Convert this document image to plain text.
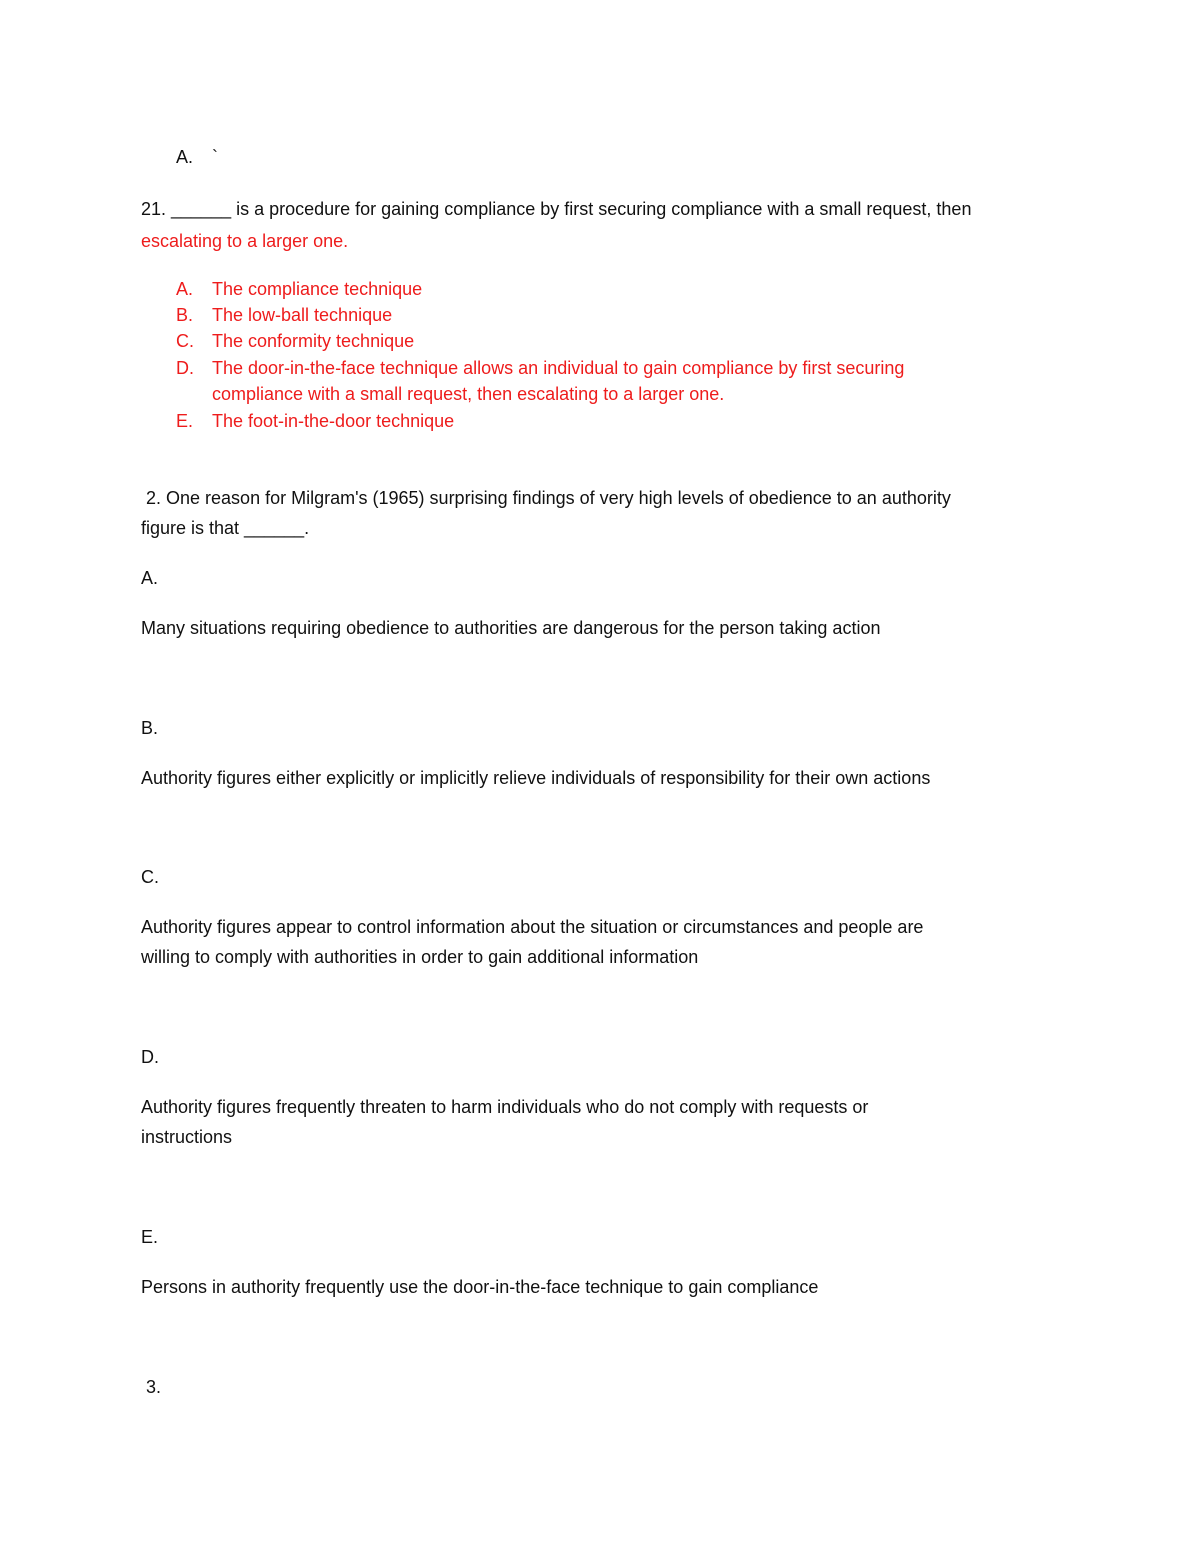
A. `
21. ______ is a procedure for gaining compliance by first securing compliance with a small request, then
escalating to a larger one.
A. The compliance technique
B. The low-ball technique
C. The conformity technique
D. The door-in-the-face technique allows an individual to gain compliance by first securing
compliance with a small request, then escalating to a larger one.
E. The foot-in-the-door technique
2. One reason for Milgram's (1965) surprising findings of very high levels of obedience to an authority
figure is that ______.
A.
Many situations requiring obedience to authorities are dangerous for the person taking action
B.
Authority figures either explicitly or implicitly relieve individuals of responsibility for their own actions
C.
Authority figures appear to control information about the situation or circumstances and people are
willing to comply with authorities in order to gain additional information
D.
Authority figures frequently threaten to harm individuals who do not comply with requests or
instructions
E.
Persons in authority frequently use the door-in-the-face technique to gain compliance
3.
